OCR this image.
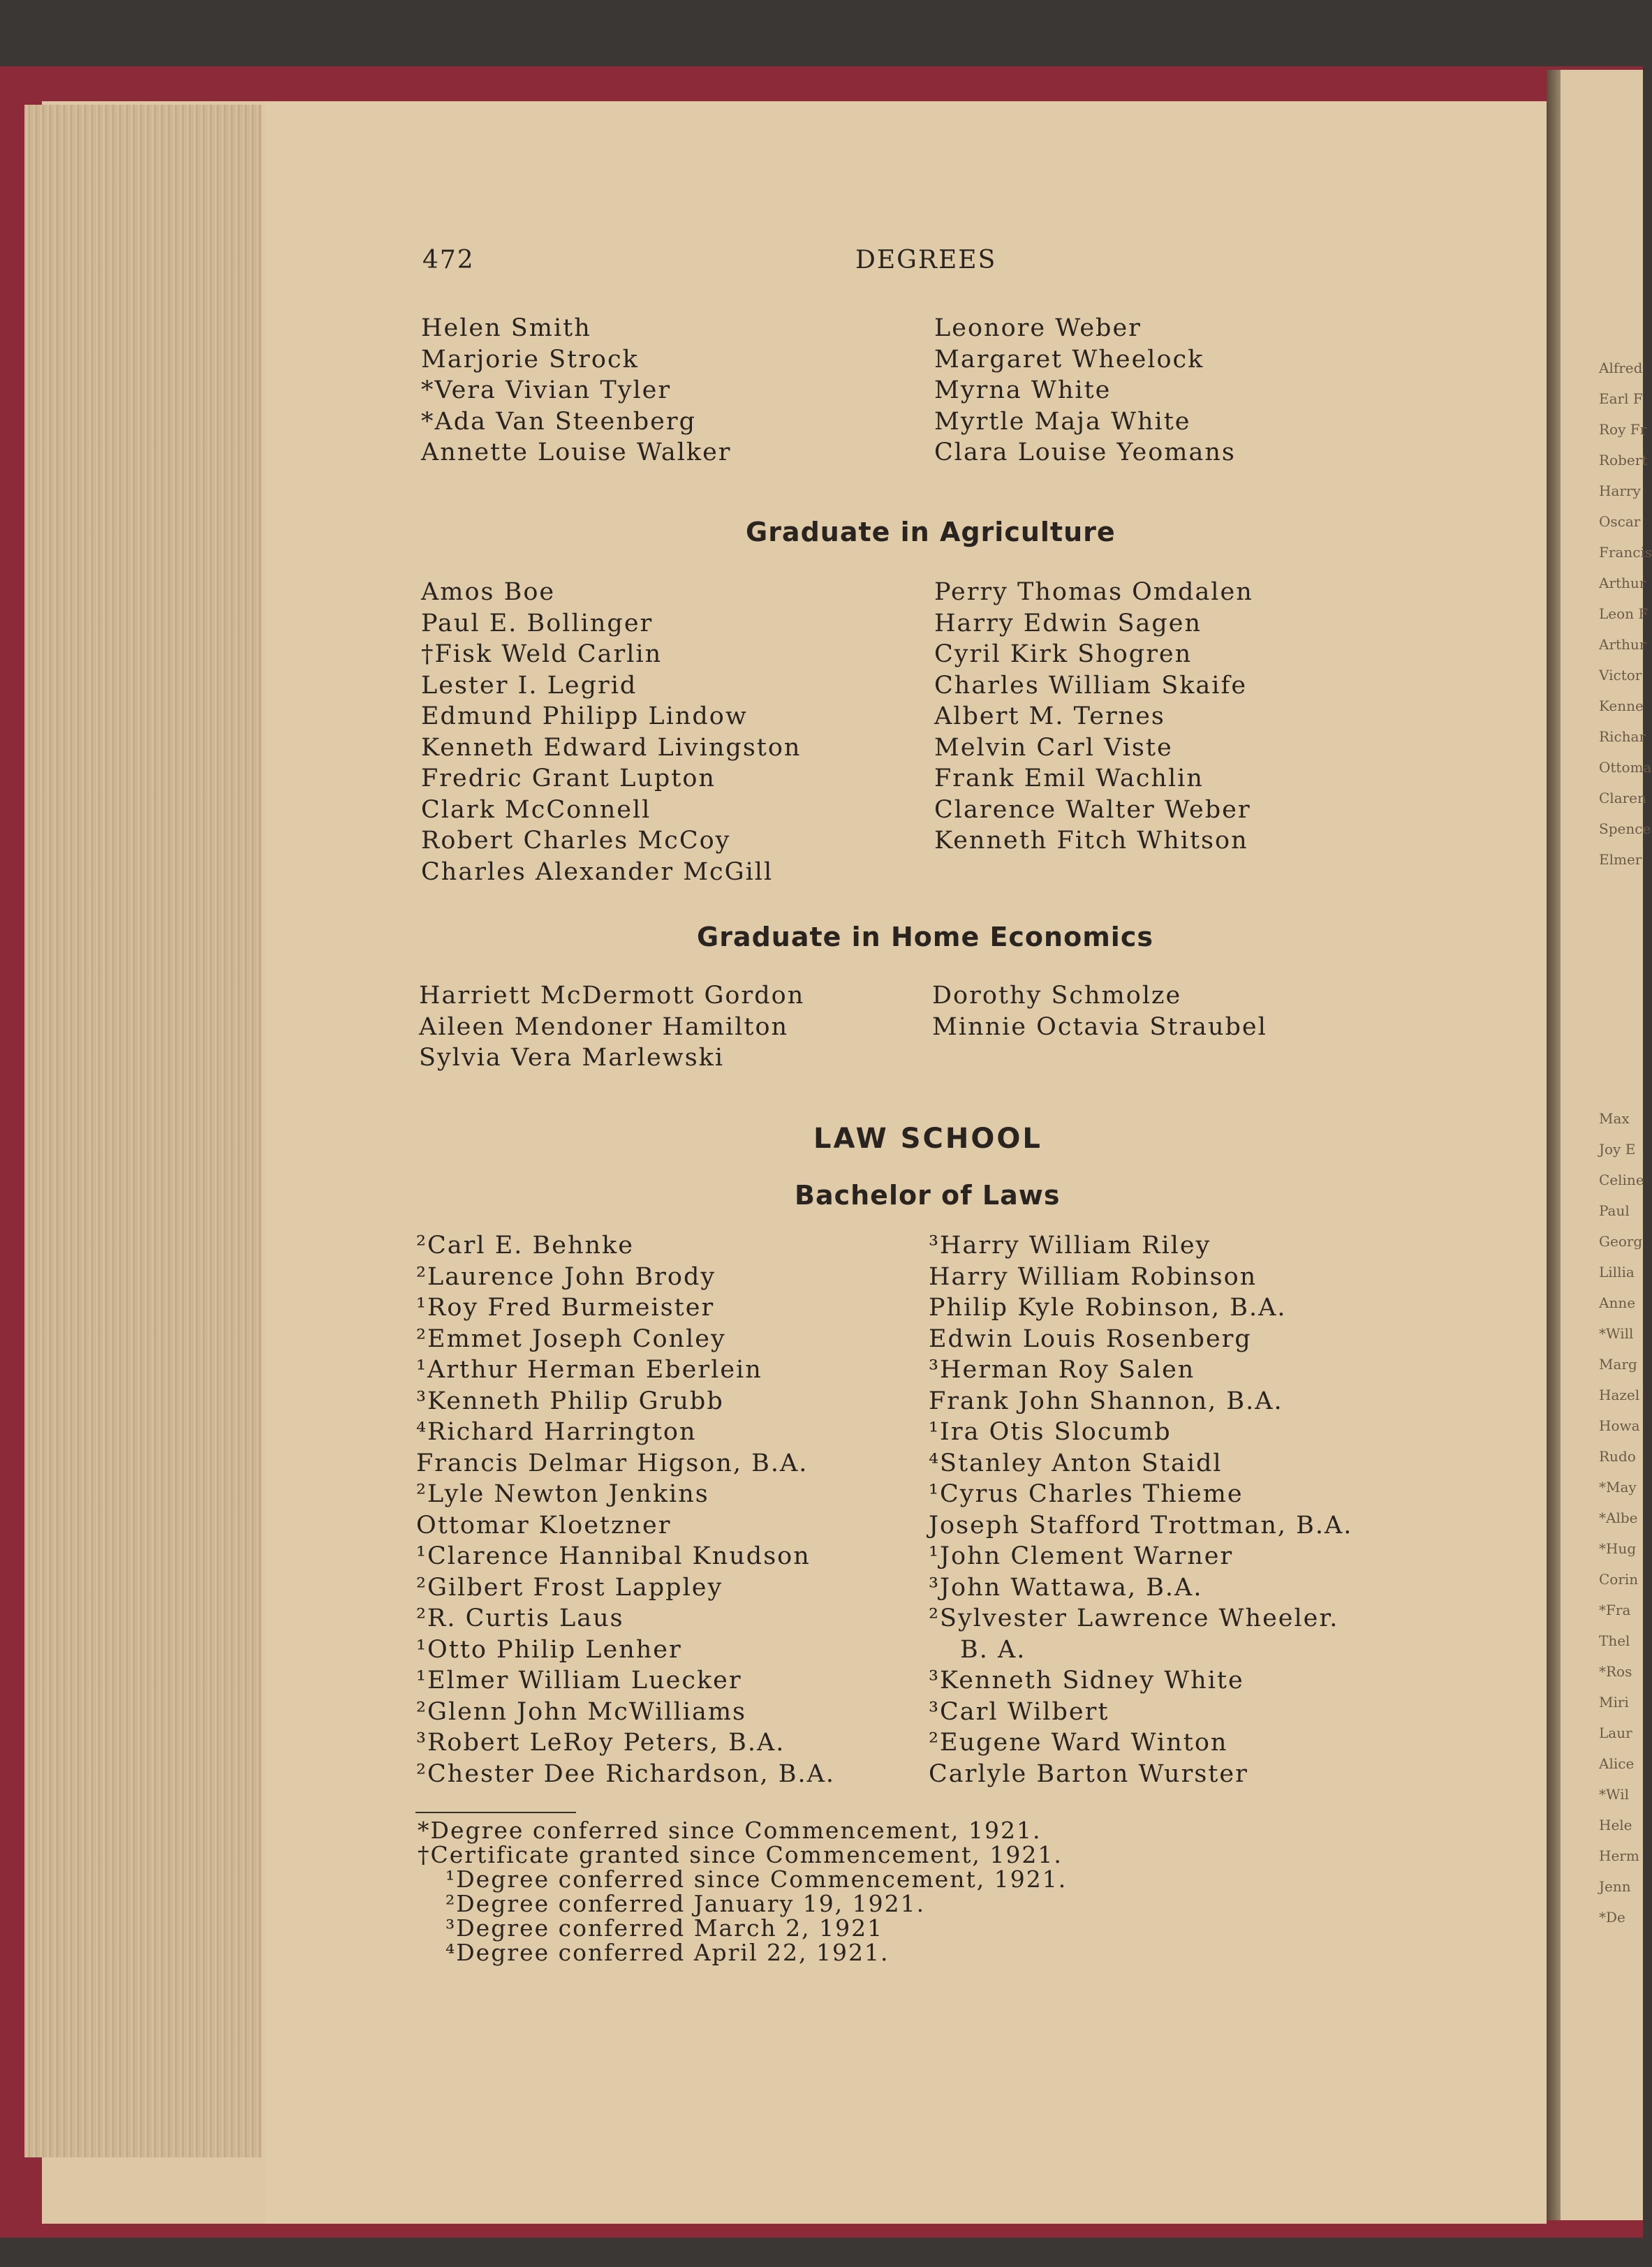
Alfred
Earl F
Roy Fr
Robert
Harry
Oscar
Francis
Arthur
Leon F
Arthur
Victor
Kenne
Richar
Ottoma
Claren
Spence
Elmer
Max
Joy E
Celine
Paul
Georg
Lillia
Anne
*Will
Marg
Hazel
Howa
Rudo
*May
*Albe
*Hug
Corin
*Fra
Thel
*Ros
Miri
Laur
Alice
*Wil
Hele
Herm
Jenn
*De
472	DEGREES
Helen Smith
Marjorie Strock
*Vera Vivian Tyler
*Ada Van Steenberg
Annette Louise Walker
Leonore Weber
Margaret Wheelock
Myrna White
Myrtle Maja White
Clara Louise Yeomans
Graduate in Agriculture
Amos Boe
Paul E. Bollinger
†Fisk Weld Carlin
Lester I. Legrid
Edmund Philipp Lindow
Kenneth Edward Livingston
Fredric Grant Lupton
Clark McConnell
Robert Charles McCoy
Charles Alexander McGill
Perry Thomas Omdalen
Harry Edwin Sagen
Cyril Kirk Shogren
Charles William Skaife
Albert M. Ternes
Melvin Carl Viste
Frank Emil Wachlin
Clarence Walter Weber
Kenneth Fitch Whitson
Graduate in Home Economics
Harriett McDermott Gordon
Aileen Mendoner Hamilton
Sylvia Vera Marlewski
Dorothy Schmolze
Minnie Octavia Straubel
LAW SCHOOL
Bachelor of Laws
²Carl E. Behnke
²Laurence John Brody
¹Roy Fred Burmeister
²Emmet Joseph Conley
¹Arthur Herman Eberlein
³Kenneth Philip Grubb
⁴Richard Harrington
Francis Delmar Higson, B.A.
²Lyle Newton Jenkins
Ottomar Kloetzner
¹Clarence Hannibal Knudson
²Gilbert Frost Lappley
²R. Curtis Laus
¹Otto Philip Lenher
¹Elmer William Luecker
²Glenn John McWilliams
³Robert LeRoy Peters, B.A.
²Chester Dee Richardson, B.A.
³Harry William Riley
Harry William Robinson
Philip Kyle Robinson, B.A.
Edwin Louis Rosenberg
³Herman Roy Salen
Frank John Shannon, B.A.
¹Ira Otis Slocumb
⁴Stanley Anton Staidl
¹Cyrus Charles Thieme
Joseph Stafford Trottman, B.A.
¹John Clement Warner
³John Wattawa, B.A.
²Sylvester Lawrence Wheeler.
B. A.
³Kenneth Sidney White
³Carl Wilbert
²Eugene Ward Winton
Carlyle Barton Wurster
*Degree conferred since Commencement, 1921.
†Certificate granted since Commencement, 1921.
¹Degree conferred since Commencement, 1921.
²Degree conferred January 19, 1921.
³Degree conferred March 2, 1921
⁴Degree conferred April 22, 1921.
